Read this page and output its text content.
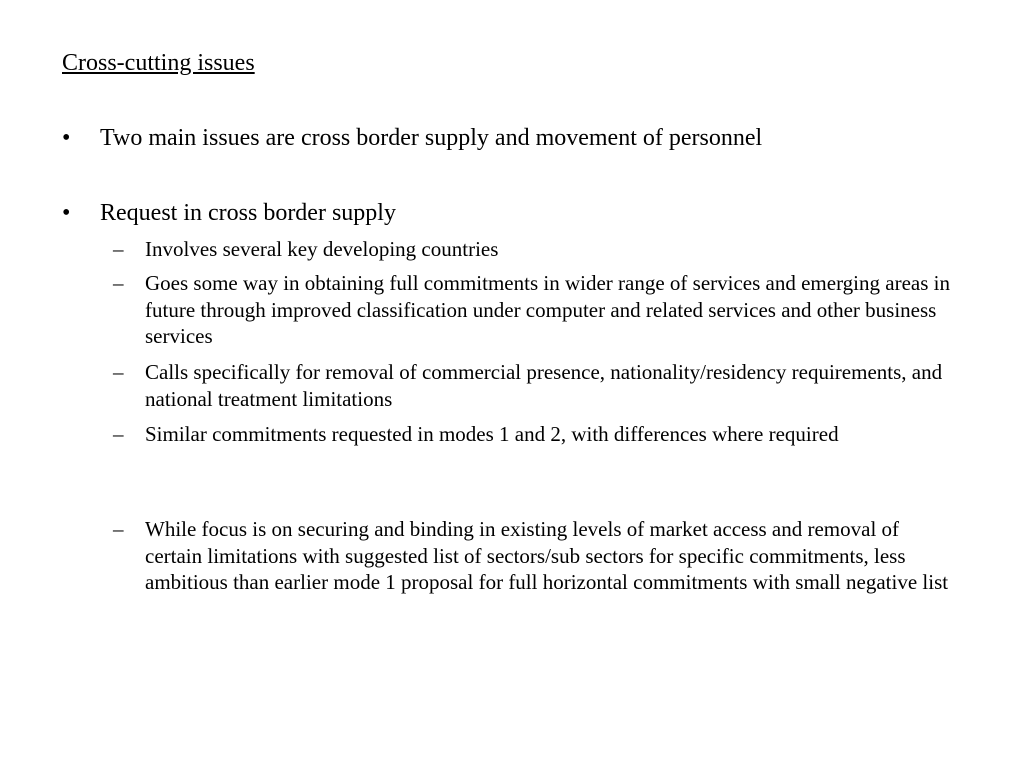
Cross-cutting issues
• Two main issues are cross border supply and movement of personnel
• Request in cross border supply
– Involves several key developing countries
– Goes some way in obtaining full commitments in wider range of services and emerging areas in future through improved classification under computer and related services and other business services
– Calls specifically for removal of commercial presence, nationality/residency requirements, and national treatment limitations
– Similar commitments requested in modes 1 and 2, with differences where required
– While focus is on securing and binding in existing levels of market access and removal of certain limitations with suggested list of sectors/sub sectors for specific commitments, less ambitious than earlier mode 1 proposal for full horizontal commitments with small negative list
